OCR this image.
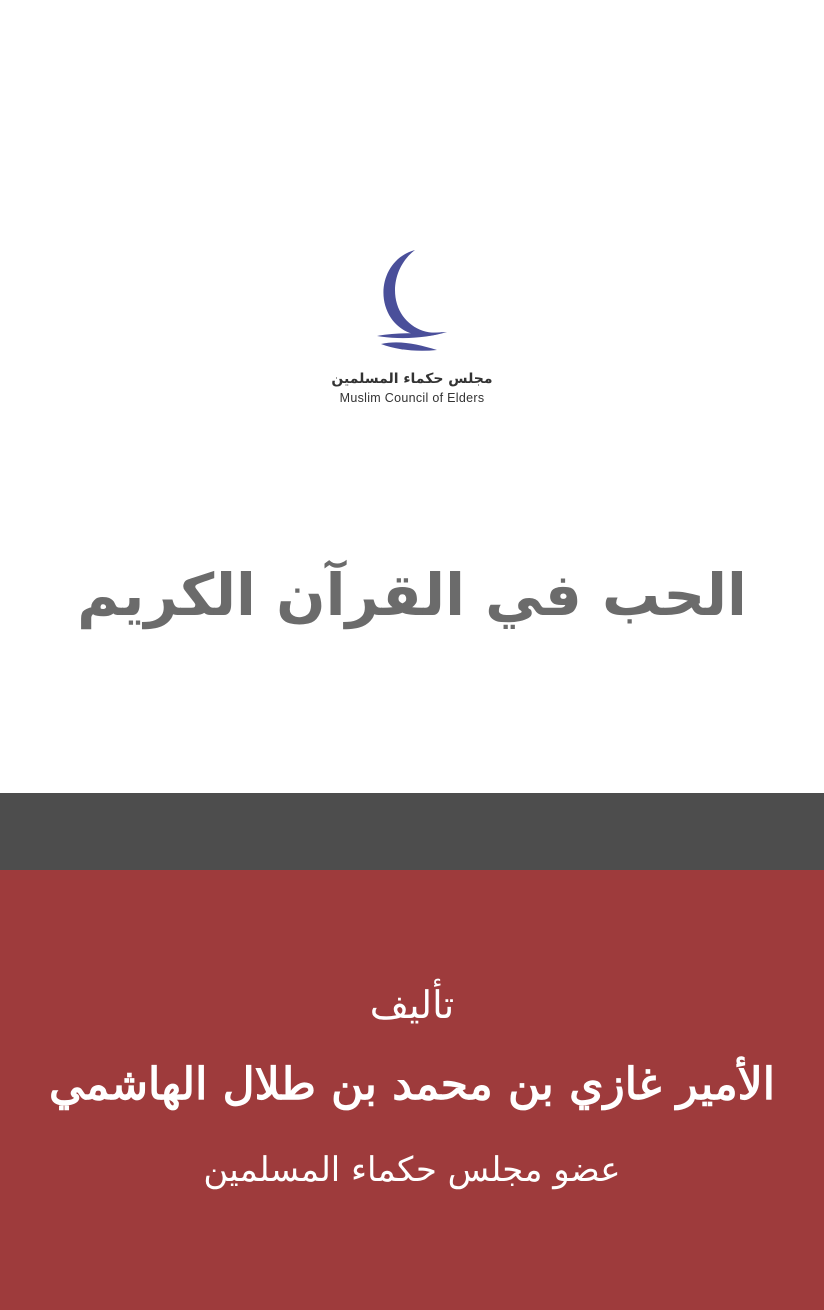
مجلس حكماء المسلمين
Muslim Council of Elders
الحب في القرآن الكريم
تأليف
الأمير غازي بن محمد بن طلال الهاشمي
عضو مجلس حكماء المسلمين
